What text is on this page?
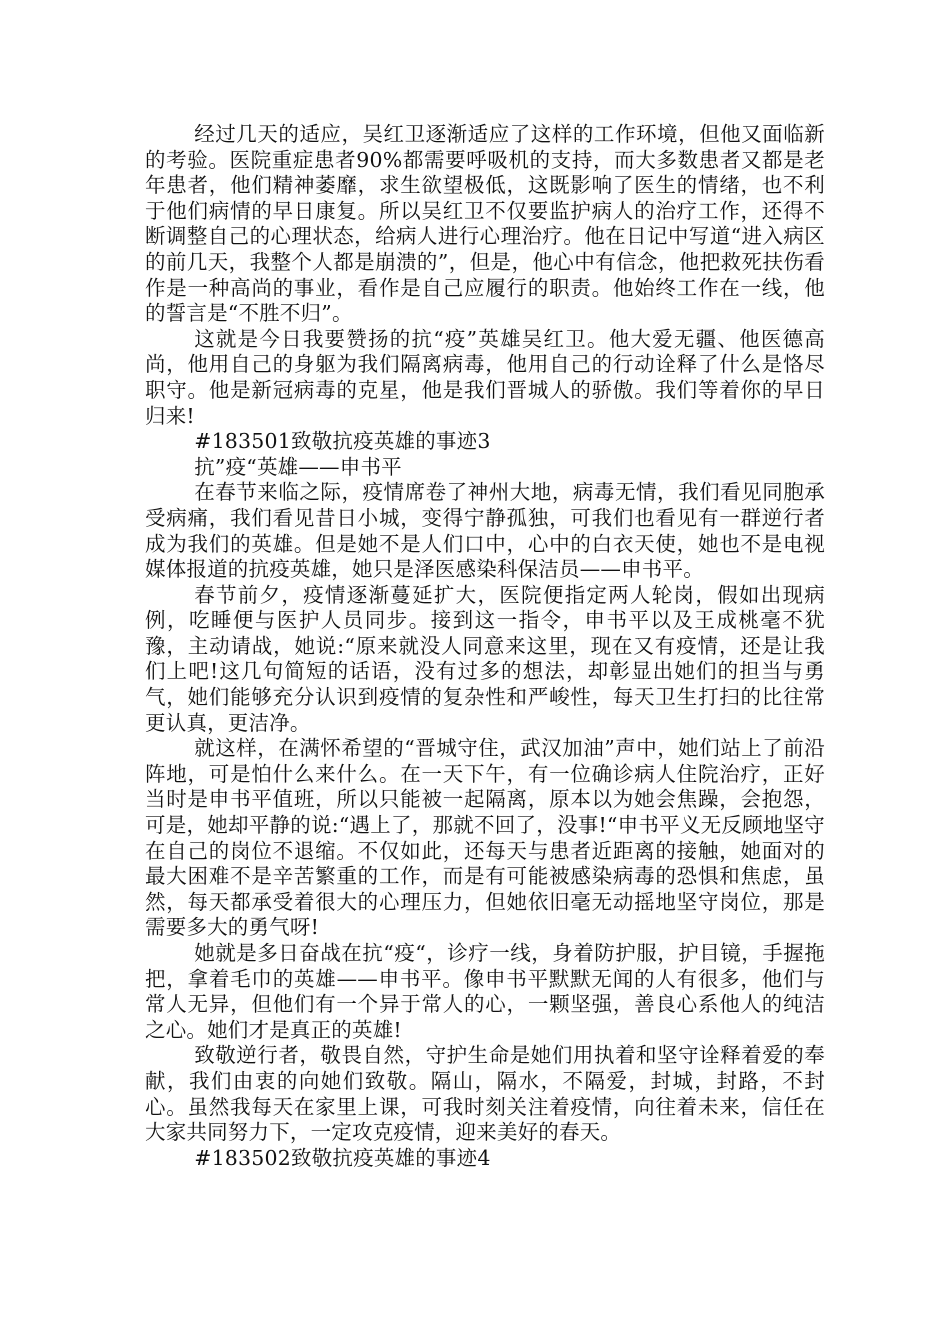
经过几天的适应，吴红卫逐渐适应了这样的工作环境，但他又面临新的考验。医院重症患者90%都需要呼吸机的支持，而大多数患者又都是老年患者，他们精神萎靡，求生欲望极低，这既影响了医生的情绪，也不利于他们病情的早日康复。所以吴红卫不仅要监护病人的治疗工作，还得不断调整自己的心理状态，给病人进行心理治疗。他在日记中写道“进入病区的前几天，我整个人都是崩溃的”，但是，他心中有信念，他把救死扶伤看作是一种高尚的事业，看作是自己应履行的职责。他始终工作在一线，他的誓言是“不胜不归”。

这就是今日我要赞扬的抗“疫”英雄吴红卫。他大爱无疆、他医德高尚，他用自己的身躯为我们隔离病毒，他用自己的行动诠释了什么是恪尽职守。他是新冠病毒的克星，他是我们晋城人的骄傲。我们等着你的早日归来!

#183501致敬抗疫英雄的事迹3

抗”疫“英雄——申书平

在春节来临之际，疫情席卷了神州大地，病毒无情，我们看见同胞承受病痛，我们看见昔日小城，变得宁静孤独，可我们也看见有一群逆行者成为我们的英雄。但是她不是人们口中，心中的白衣天使，她也不是电视媒体报道的抗疫英雄，她只是泽医感染科保洁员——申书平。

春节前夕，疫情逐渐蔓延扩大，医院便指定两人轮岗，假如出现病例，吃睡便与医护人员同步。接到这一指令，申书平以及王成桃毫不犹豫，主动请战，她说:“原来就没人同意来这里，现在又有疫情，还是让我们上吧!这几句简短的话语，没有过多的想法，却彰显出她们的担当与勇气，她们能够充分认识到疫情的复杂性和严峻性，每天卫生打扫的比往常更认真，更洁净。

就这样，在满怀希望的“晋城守住，武汉加油”声中，她们站上了前沿阵地，可是怕什么来什么。在一天下午，有一位确诊病人住院治疗，正好当时是申书平值班，所以只能被一起隔离，原本以为她会焦躁，会抱怨，可是，她却平静的说:“遇上了，那就不回了，没事!“申书平义无反顾地坚守在自己的岗位不退缩。不仅如此，还每天与患者近距离的接触，她面对的最大困难不是辛苦繁重的工作，而是有可能被感染病毒的恐惧和焦虑，虽然，每天都承受着很大的心理压力，但她依旧毫无动摇地坚守岗位，那是需要多大的勇气呀!

她就是多日奋战在抗“疫“，诊疗一线，身着防护服，护目镜，手握拖把，拿着毛巾的英雄——申书平。像申书平默默无闻的人有很多，他们与常人无异，但他们有一个异于常人的心，一颗坚强，善良心系他人的纯洁之心。她们才是真正的英雄!

致敬逆行者，敬畏自然，守护生命是她们用执着和坚守诠释着爱的奉献，我们由衷的向她们致敬。隔山，隔水，不隔爱，封城，封路，不封心。虽然我每天在家里上课，可我时刻关注着疫情，向往着未来，信任在大家共同努力下，一定攻克疫情，迎来美好的春天。

#183502致敬抗疫英雄的事迹4
